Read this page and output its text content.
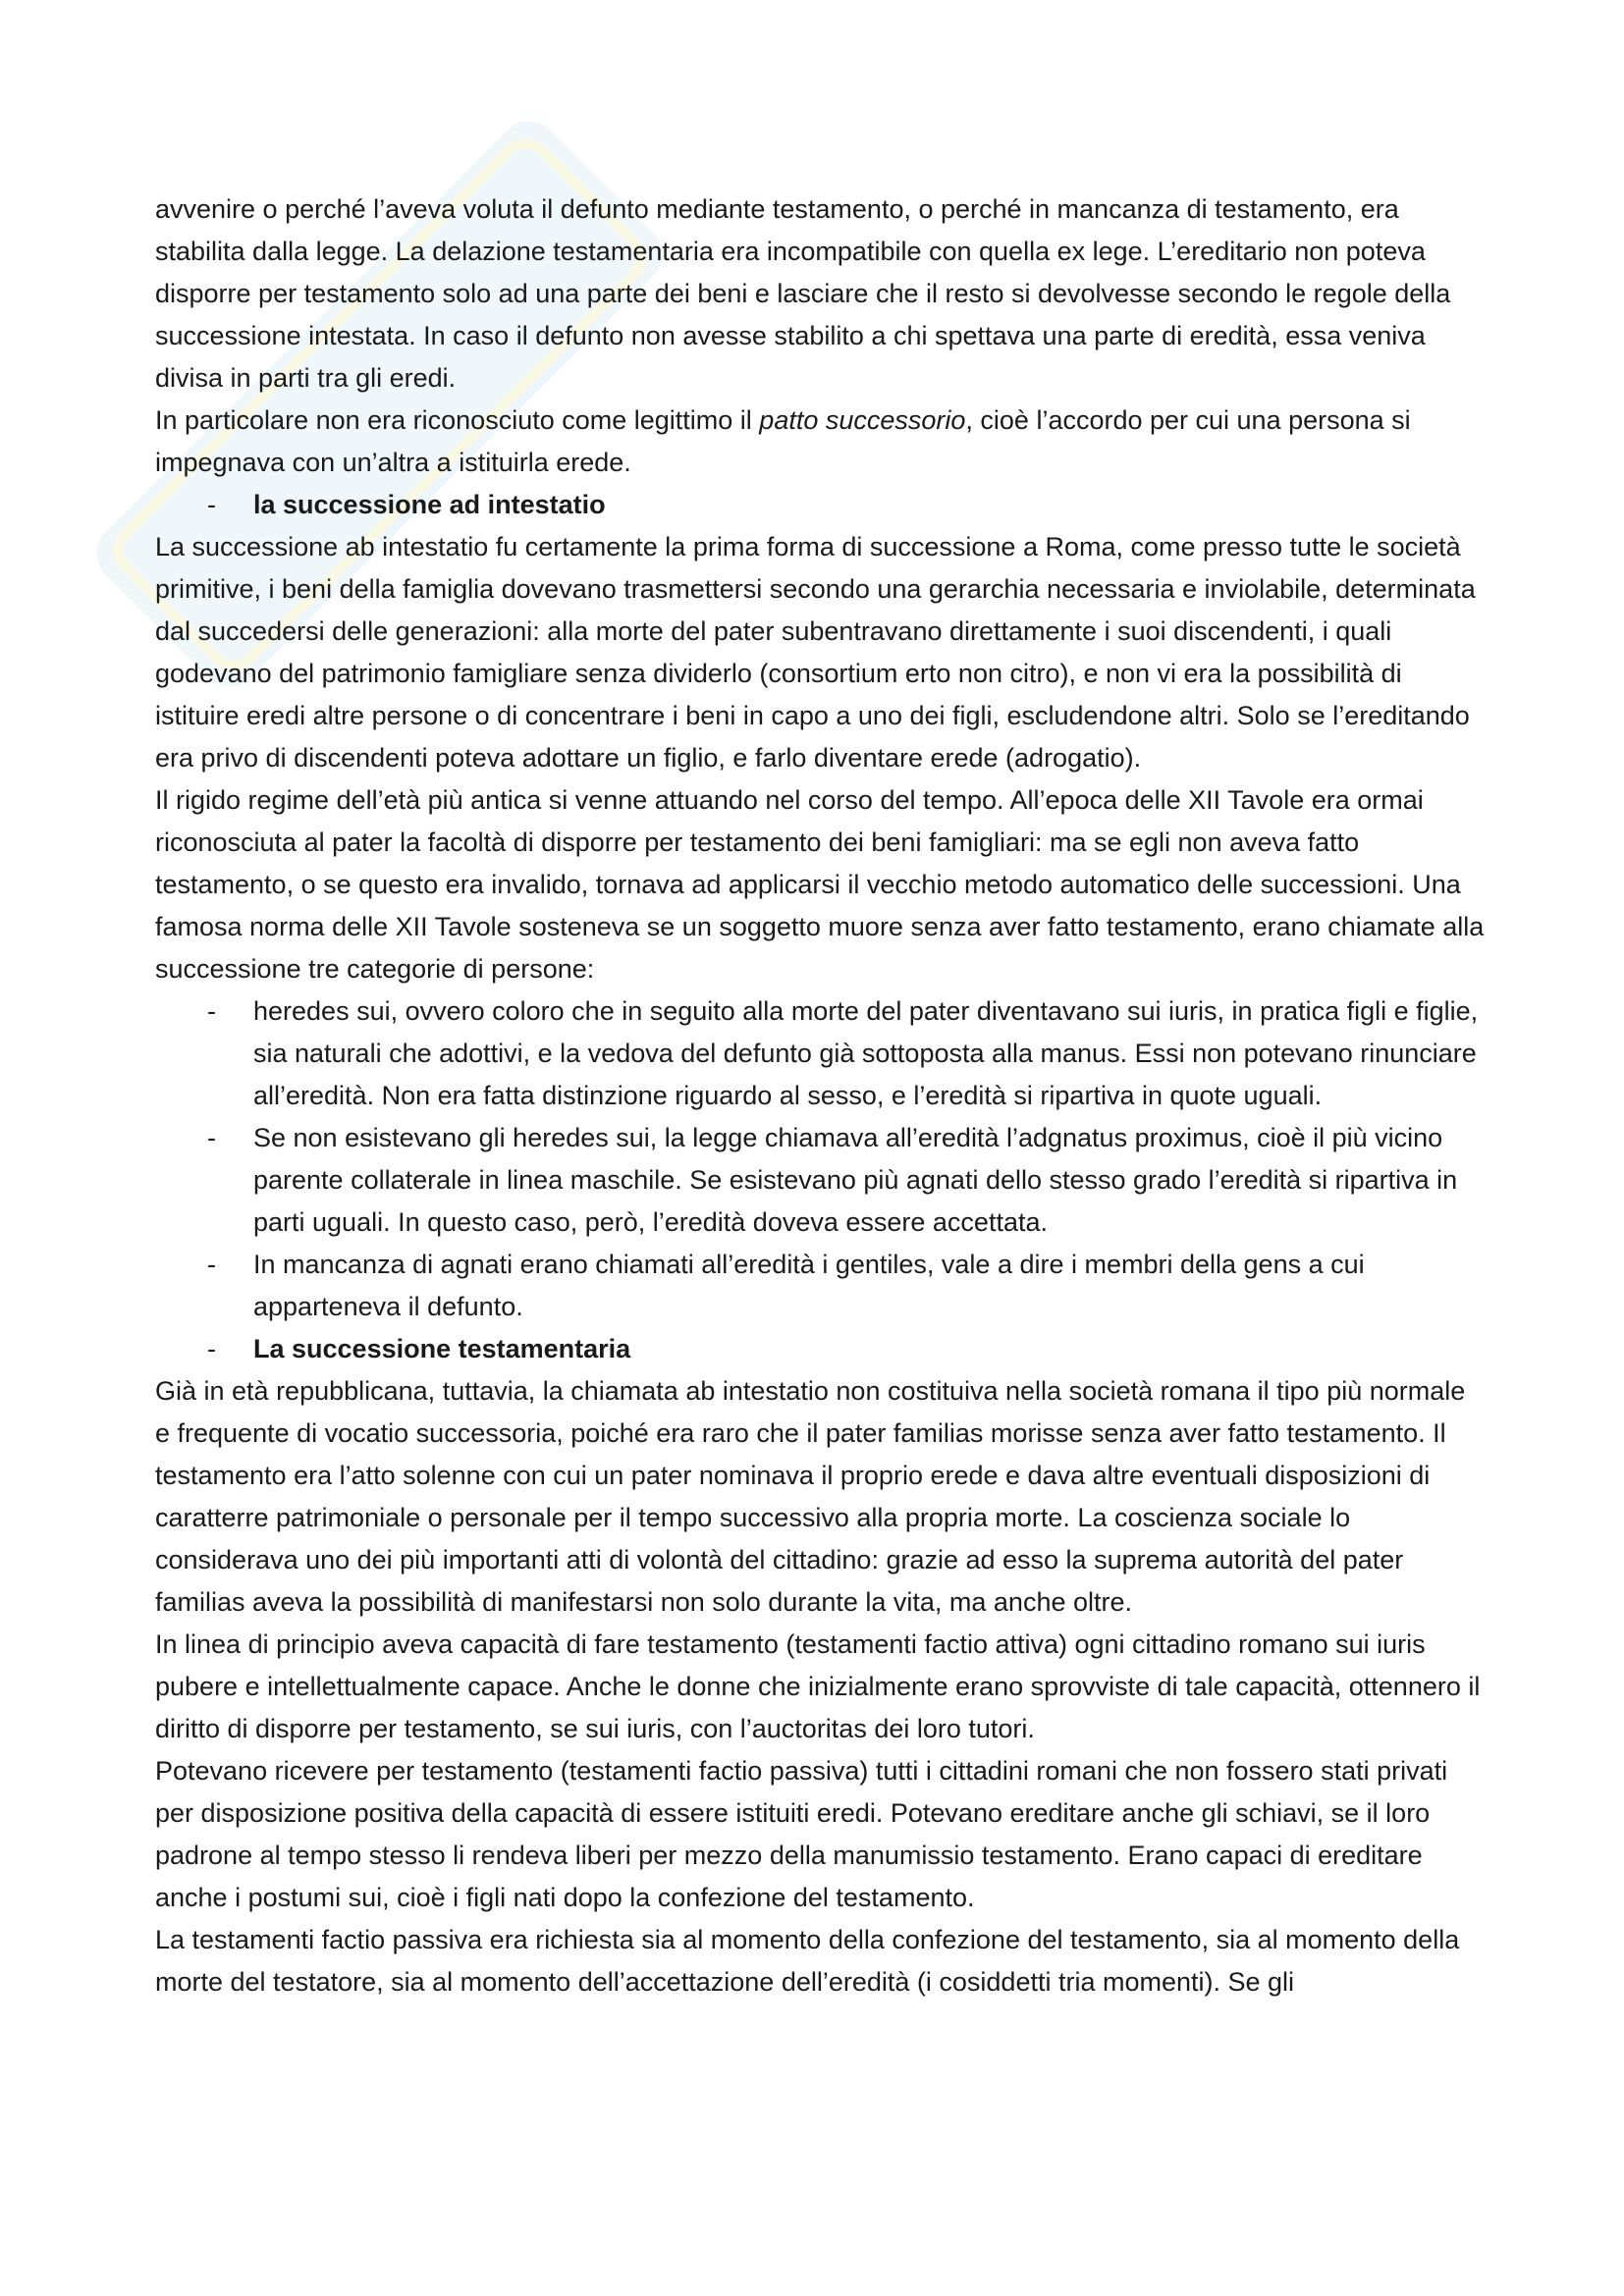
avvenire o perché l’aveva voluta il defunto mediante testamento, o perché in mancanza di testamento, era stabilita dalla legge. La delazione testamentaria era incompatibile con quella ex lege. L’ereditario non poteva disporre per testamento solo ad una parte dei beni e lasciare che il resto si devolvesse secondo le regole della successione intestata. In caso il defunto non avesse stabilito a chi spettava una parte di eredità, essa veniva divisa in parti tra gli eredi.

In particolare non era riconosciuto come legittimo il patto successorio, cioè l’accordo per cui una persona si impegnava con un’altra a istituirla erede.

-	la successione ad intestatio

La successione ab intestatio fu certamente la prima forma di successione a Roma, come presso tutte le società primitive, i beni della famiglia dovevano trasmettersi secondo una gerarchia necessaria e inviolabile, determinata dal succedersi delle generazioni: alla morte del pater subentravano direttamente i suoi discendenti, i quali godevano del patrimonio famigliare senza dividerlo (consortium erto non citro), e non vi era la possibilità di istituire eredi altre persone o di concentrare i beni in capo a uno dei figli, escludendone altri. Solo se l’ereditando era privo di discendenti poteva adottare un figlio, e farlo diventare erede (adrogatio).

Il rigido regime dell’età più antica si venne attuando nel corso del tempo. All’epoca delle XII Tavole era ormai riconosciuta al pater la facoltà di disporre per testamento dei beni famigliari: ma se egli non aveva fatto testamento, o se questo era invalido, tornava ad applicarsi il vecchio metodo automatico delle successioni. Una famosa norma delle XII Tavole sosteneva se un soggetto muore senza aver fatto testamento, erano chiamate alla successione tre categorie di persone:

-	heredes sui, ovvero coloro che in seguito alla morte del pater diventavano sui iuris, in pratica figli e figlie, sia naturali che adottivi, e la vedova del defunto già sottoposta alla manus. Essi non potevano rinunciare all’eredità. Non era fatta distinzione riguardo al sesso, e l’eredità si ripartiva in quote uguali.
-	Se non esistevano gli heredes sui, la legge chiamava all’eredità l’adgnatus proximus, cioè il più vicino parente collaterale in linea maschile. Se esistevano più agnati dello stesso grado l’eredità si ripartiva in parti uguali. In questo caso, però, l’eredità doveva essere accettata.
-	In mancanza di agnati erano chiamati all’eredità i gentiles, vale a dire i membri della gens a cui apparteneva il defunto.
-	La successione testamentaria

Già in età repubblicana, tuttavia, la chiamata ab intestatio non costituiva nella società romana il tipo più normale e frequente di vocatio successoria, poiché era raro che il pater familias morisse senza aver fatto testamento. Il testamento era l’atto solenne con cui un pater nominava il proprio erede e dava altre eventuali disposizioni di caratterre patrimoniale o personale per il tempo successivo alla propria morte. La coscienza sociale lo considerava uno dei più importanti atti di volontà del cittadino: grazie ad esso la suprema autorità del pater familias aveva la possibilità di manifestarsi non solo durante la vita, ma anche oltre.

In linea di principio aveva capacità di fare testamento (testamenti factio attiva) ogni cittadino romano sui iuris pubere e intellettualmente capace. Anche le donne che inizialmente erano sprovviste di tale capacità, ottennero il diritto di disporre per testamento, se sui iuris, con l’auctoritas dei loro tutori.

Potevano ricevere per testamento (testamenti factio passiva) tutti i cittadini romani che non fossero stati privati per disposizione positiva della capacità di essere istituiti eredi. Potevano ereditare anche gli schiavi, se il loro padrone al tempo stesso li rendeva liberi per mezzo della manumissio testamento. Erano capaci di ereditare anche i postumi sui, cioè i figli nati dopo la confezione del testamento.

La testamenti factio passiva era richiesta sia al momento della confezione del testamento, sia al momento della morte del testatore, sia al momento dell’accettazione dell’eredità (i cosiddetti tria momenti). Se gli
